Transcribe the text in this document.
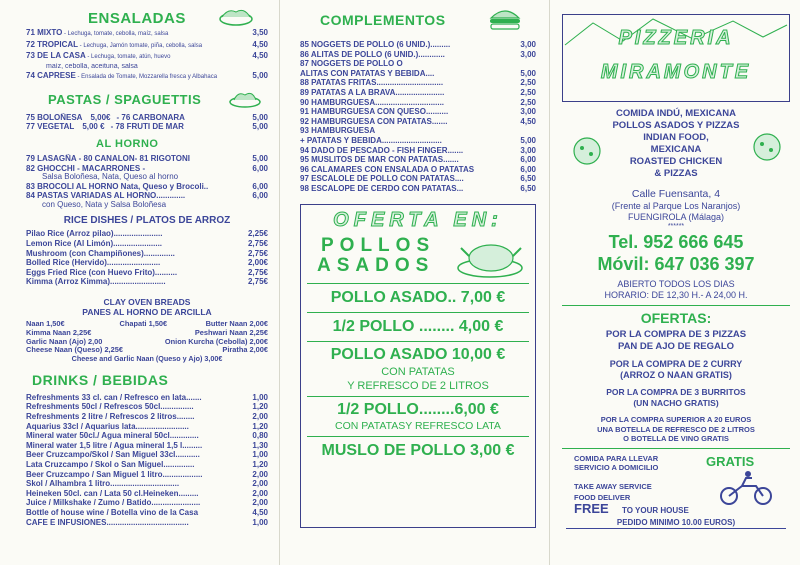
ENSALADAS
71 MIXTO - Lechuga, tomate, cebolla, maíz, salsa	3,50
72 TROPICAL - Lechuga, Jamón tomate, piña, cebolla, salsa	4,50
73 DE LA CASA - Lechuga, tomate, atún, huevo	4,50
maíz, cebolla, aceituna, salsa
74 CAPRESE - Ensalada de Tomate, Mozzarella fresca y Albahaca	5,00
PASTAS / SPAGUETTIS
75 BOLOÑESA 5,00€ - 76 CARBONARA	5,00
77 VEGETAL 5,00 € - 78 FRUTI DE MAR	5,00
AL HORNO
79 LASAGÑA - 80 CANALON- 81 RIGOTONI	5,00
82 GHOCCHI - MACARRONES -	6,00
Salsa Boloñesa, Nata, Queso al horno
83 BROCOLI AL HORNO Nata, Queso y Brocoli..	6,00
84 PASTAS VARIADAS AL HORNO.............	6,00
con Queso, Nata y Salsa Boloñesa
RICE DISHES / PLATOS DE ARROZ
Pilao Rice (Arroz pilao)......................	2,25€
Lemon Rice (Al Limón)......................	2,75€
Mushroom (con Champiñones)..............	2,75€
Bolled Rice (Hervido)........................	2,00€
Eggs Fried Rice (con Huevo Frito)..........	2,75€
Kimma (Arroz Kimma).........................	2,75€
CLAY OVEN BREADS
PANES AL HORNO DE ARCILLA
Naan 1,50€	Chapati 1,50€	Butter Naan 2,00€
Kimma Naan 2,25€	Peshwari Naan 2,25€
Garlic Naan (Ajo) 2,00	Onion Kurcha (Cebolla) 2,00€
Cheese Naan (Queso) 2,25€	Piratha 2,00€
Cheese and Garlic Naan (Queso y Ajo) 3,00€
DRINKS / BEBIDAS
Refreshments 33 cl. can / Refresco en lata.......	1,00
Refreshments 50cl / Refrescos 50cl...............	1,20
Refreshments 2 litre / Refrescos 2 litros........	2,00
Aquarius 33cl / Aquarius lata........................	1,20
Mineral water 50cl./ Agua mineral 50cl.............	0,80
Mineral water 1,5 litre / Agua mineral 1,5 l.........	1,30
Beer Cruzcampo/Skol / San Miguel 33cl...........	1,00
Lata Cruzcampo / Skol o San Miguel..............	1,20
Beer Cruzcampo / San Miguel 1 litro..................	2,00
Skol / Alhambra 1 litro...............................	2,00
Heineken 50cl. can / Lata 50 cl.Heineken.........	2,00
Juice / Milkshake / Zumo / Batido......................	2,00
Bottle of house wine / Botella vino de la Casa	4,50
CAFE E INFUSIONES.....................................	1,00
COMPLEMENTOS
85 NOGGETS DE POLLO (6 UNID.).........	3,00
86 ALITAS DE POLLO (6 UNID.)............	3,00
87 NOGGETS DE POLLO O
ALITAS CON PATATAS Y BEBIDA....	5,00
88 PATATAS FRITAS..............................	2,50
89 PATATAS A LA BRAVA......................	2,50
90 HAMBURGUESA...............................	2,50
91 HAMBURGUESA CON QUESO..........	3,00
92 HAMBURGUESA CON PATATAS.......	4,50
93 HAMBURGUESA
+ PATATAS Y BEBIDA...........................	5,00
94 DADO DE PESCADO - FISH FINGER.......	3,00
95 MUSLITOS DE MAR CON PATATAS.......	6,00
96 CALAMARES CON ENSALADA O PATATAS	6,00
97 ESCALOLE DE POLLO CON PATATAS....	6,50
98 ESCALOPE DE CERDO CON PATATAS...	6,50
OFERTA EN:
POLLOS
ASADOS
POLLO ASADO.. 7,00 €
1/2 POLLO ........ 4,00 €
POLLO ASADO 10,00 €
CON PATATAS
Y REFRESCO DE 2 LITROS
1/2 POLLO........6,00 €
CON PATATASY REFRESCO LATA
MUSLO DE POLLO 3,00 €
PIZZERIA
MIRAMONTE
COMIDA INDÚ, MEXICANA
POLLOS ASADOS Y PIZZAS
INDIAN FOOD,
MEXICANA
ROASTED CHICKEN
& PIZZAS
Calle Fuensanta, 4
(Frente al Parque Los Naranjos)
FUENGIROLA (Málaga)
******
Tel. 952 666 645
Móvil: 647 036 397
ABIERTO TODOS LOS DIAS
HORARIO: DE 12,30 H.- A 24,00 H.
OFERTAS:
POR LA COMPRA DE 3 PIZZAS
PAN DE AJO DE REGALO
POR LA COMPRA DE 2 CURRY
(ARROZ O NAAN GRATIS)
POR LA COMPRA DE 3 BURRITOS
(UN NACHO GRATIS)
POR LA COMPRA SUPERIOR A 20 EUROS
UNA BOTELLA DE REFRESCO DE 2 LITROS
O BOTELLA DE VINO GRATIS
COMIDA PARA LLEVAR
SERVICIO A DOMICILIO	GRATIS
TAKE AWAY SERVICE
FOOD DELIVER
FREE TO YOUR HOUSE
PEDIDO MINIMO 10.00 EUROS)
